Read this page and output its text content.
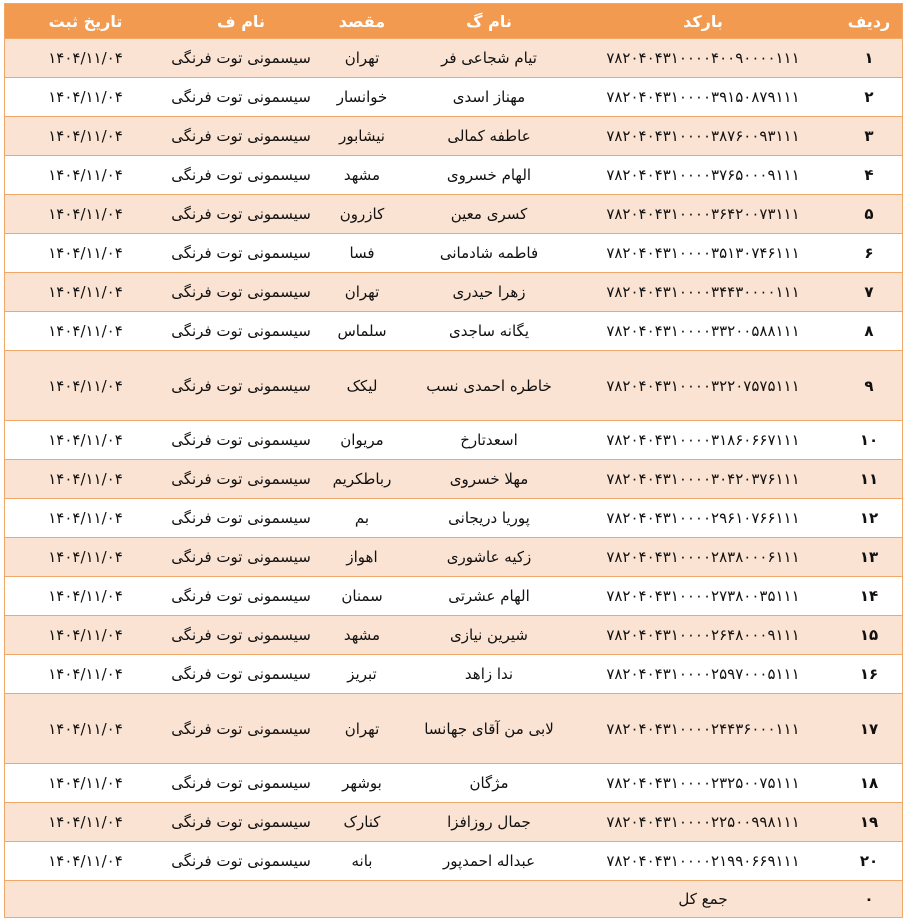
ردیف	بارکد	نام گ	مقصد	نام ف	تاریخ ثبت
۱	۷۸۲۰۴۰۴۳۱۰۰۰۰۴۰۰۹۰۰۰۰۱۱۱	تیام شجاعی فر	تهران	سیسمونی توت فرنگی	۱۴۰۴/۱۱/۰۴
۲	۷۸۲۰۴۰۴۳۱۰۰۰۰۳۹۱۵۰۸۷۹۱۱۱	مهناز اسدی	خوانسار	سیسمونی توت فرنگی	۱۴۰۴/۱۱/۰۴
۳	۷۸۲۰۴۰۴۳۱۰۰۰۰۳۸۷۶۰۰۹۳۱۱۱	عاطفه کمالی	نیشابور	سیسمونی توت فرنگی	۱۴۰۴/۱۱/۰۴
۴	۷۸۲۰۴۰۴۳۱۰۰۰۰۳۷۶۵۰۰۰۹۱۱۱	الهام خسروی	مشهد	سیسمونی توت فرنگی	۱۴۰۴/۱۱/۰۴
۵	۷۸۲۰۴۰۴۳۱۰۰۰۰۳۶۴۲۰۰۷۳۱۱۱	کسری معین	کازرون	سیسمونی توت فرنگی	۱۴۰۴/۱۱/۰۴
۶	۷۸۲۰۴۰۴۳۱۰۰۰۰۳۵۱۳۰۷۴۶۱۱۱	فاطمه شادمانی	فسا	سیسمونی توت فرنگی	۱۴۰۴/۱۱/۰۴
۷	۷۸۲۰۴۰۴۳۱۰۰۰۰۳۴۴۳۰۰۰۰۱۱۱	زهرا حیدری	تهران	سیسمونی توت فرنگی	۱۴۰۴/۱۱/۰۴
۸	۷۸۲۰۴۰۴۳۱۰۰۰۰۳۳۲۰۰۵۸۸۱۱۱	یگانه ساجدی	سلماس	سیسمونی توت فرنگی	۱۴۰۴/۱۱/۰۴
۹	۷۸۲۰۴۰۴۳۱۰۰۰۰۳۲۲۰۷۵۷۵۱۱۱	خاطره احمدی نسب	لیکک	سیسمونی توت فرنگی	۱۴۰۴/۱۱/۰۴
۱۰	۷۸۲۰۴۰۴۳۱۰۰۰۰۳۱۸۶۰۶۶۷۱۱۱	اسعدتارخ	مریوان	سیسمونی توت فرنگی	۱۴۰۴/۱۱/۰۴
۱۱	۷۸۲۰۴۰۴۳۱۰۰۰۰۳۰۴۲۰۳۷۶۱۱۱	مهلا خسروی	رباطکریم	سیسمونی توت فرنگی	۱۴۰۴/۱۱/۰۴
۱۲	۷۸۲۰۴۰۴۳۱۰۰۰۰۲۹۶۱۰۷۶۶۱۱۱	پوریا دریجانی	بم	سیسمونی توت فرنگی	۱۴۰۴/۱۱/۰۴
۱۳	۷۸۲۰۴۰۴۳۱۰۰۰۰۲۸۳۸۰۰۰۶۱۱۱	زکیه عاشوری	اهواز	سیسمونی توت فرنگی	۱۴۰۴/۱۱/۰۴
۱۴	۷۸۲۰۴۰۴۳۱۰۰۰۰۲۷۳۸۰۰۳۵۱۱۱	الهام عشرتی	سمنان	سیسمونی توت فرنگی	۱۴۰۴/۱۱/۰۴
۱۵	۷۸۲۰۴۰۴۳۱۰۰۰۰۲۶۴۸۰۰۰۹۱۱۱	شیرین نیازی	مشهد	سیسمونی توت فرنگی	۱۴۰۴/۱۱/۰۴
۱۶	۷۸۲۰۴۰۴۳۱۰۰۰۰۲۵۹۷۰۰۰۵۱۱۱	ندا زاهد	تبریز	سیسمونی توت فرنگی	۱۴۰۴/۱۱/۰۴
۱۷	۷۸۲۰۴۰۴۳۱۰۰۰۰۲۴۴۳۶۰۰۰۱۱۱	لابی من آقای جهانسا	تهران	سیسمونی توت فرنگی	۱۴۰۴/۱۱/۰۴
۱۸	۷۸۲۰۴۰۴۳۱۰۰۰۰۲۳۲۵۰۰۷۵۱۱۱	مژگان	بوشهر	سیسمونی توت فرنگی	۱۴۰۴/۱۱/۰۴
۱۹	۷۸۲۰۴۰۴۳۱۰۰۰۰۲۲۵۰۰۹۹۸۱۱۱	جمال روزافزا	کنارک	سیسمونی توت فرنگی	۱۴۰۴/۱۱/۰۴
۲۰	۷۸۲۰۴۰۴۳۱۰۰۰۰۲۱۹۹۰۶۶۹۱۱۱	عبداله احمدپور	بانه	سیسمونی توت فرنگی	۱۴۰۴/۱۱/۰۴
۰	جمع کل				
